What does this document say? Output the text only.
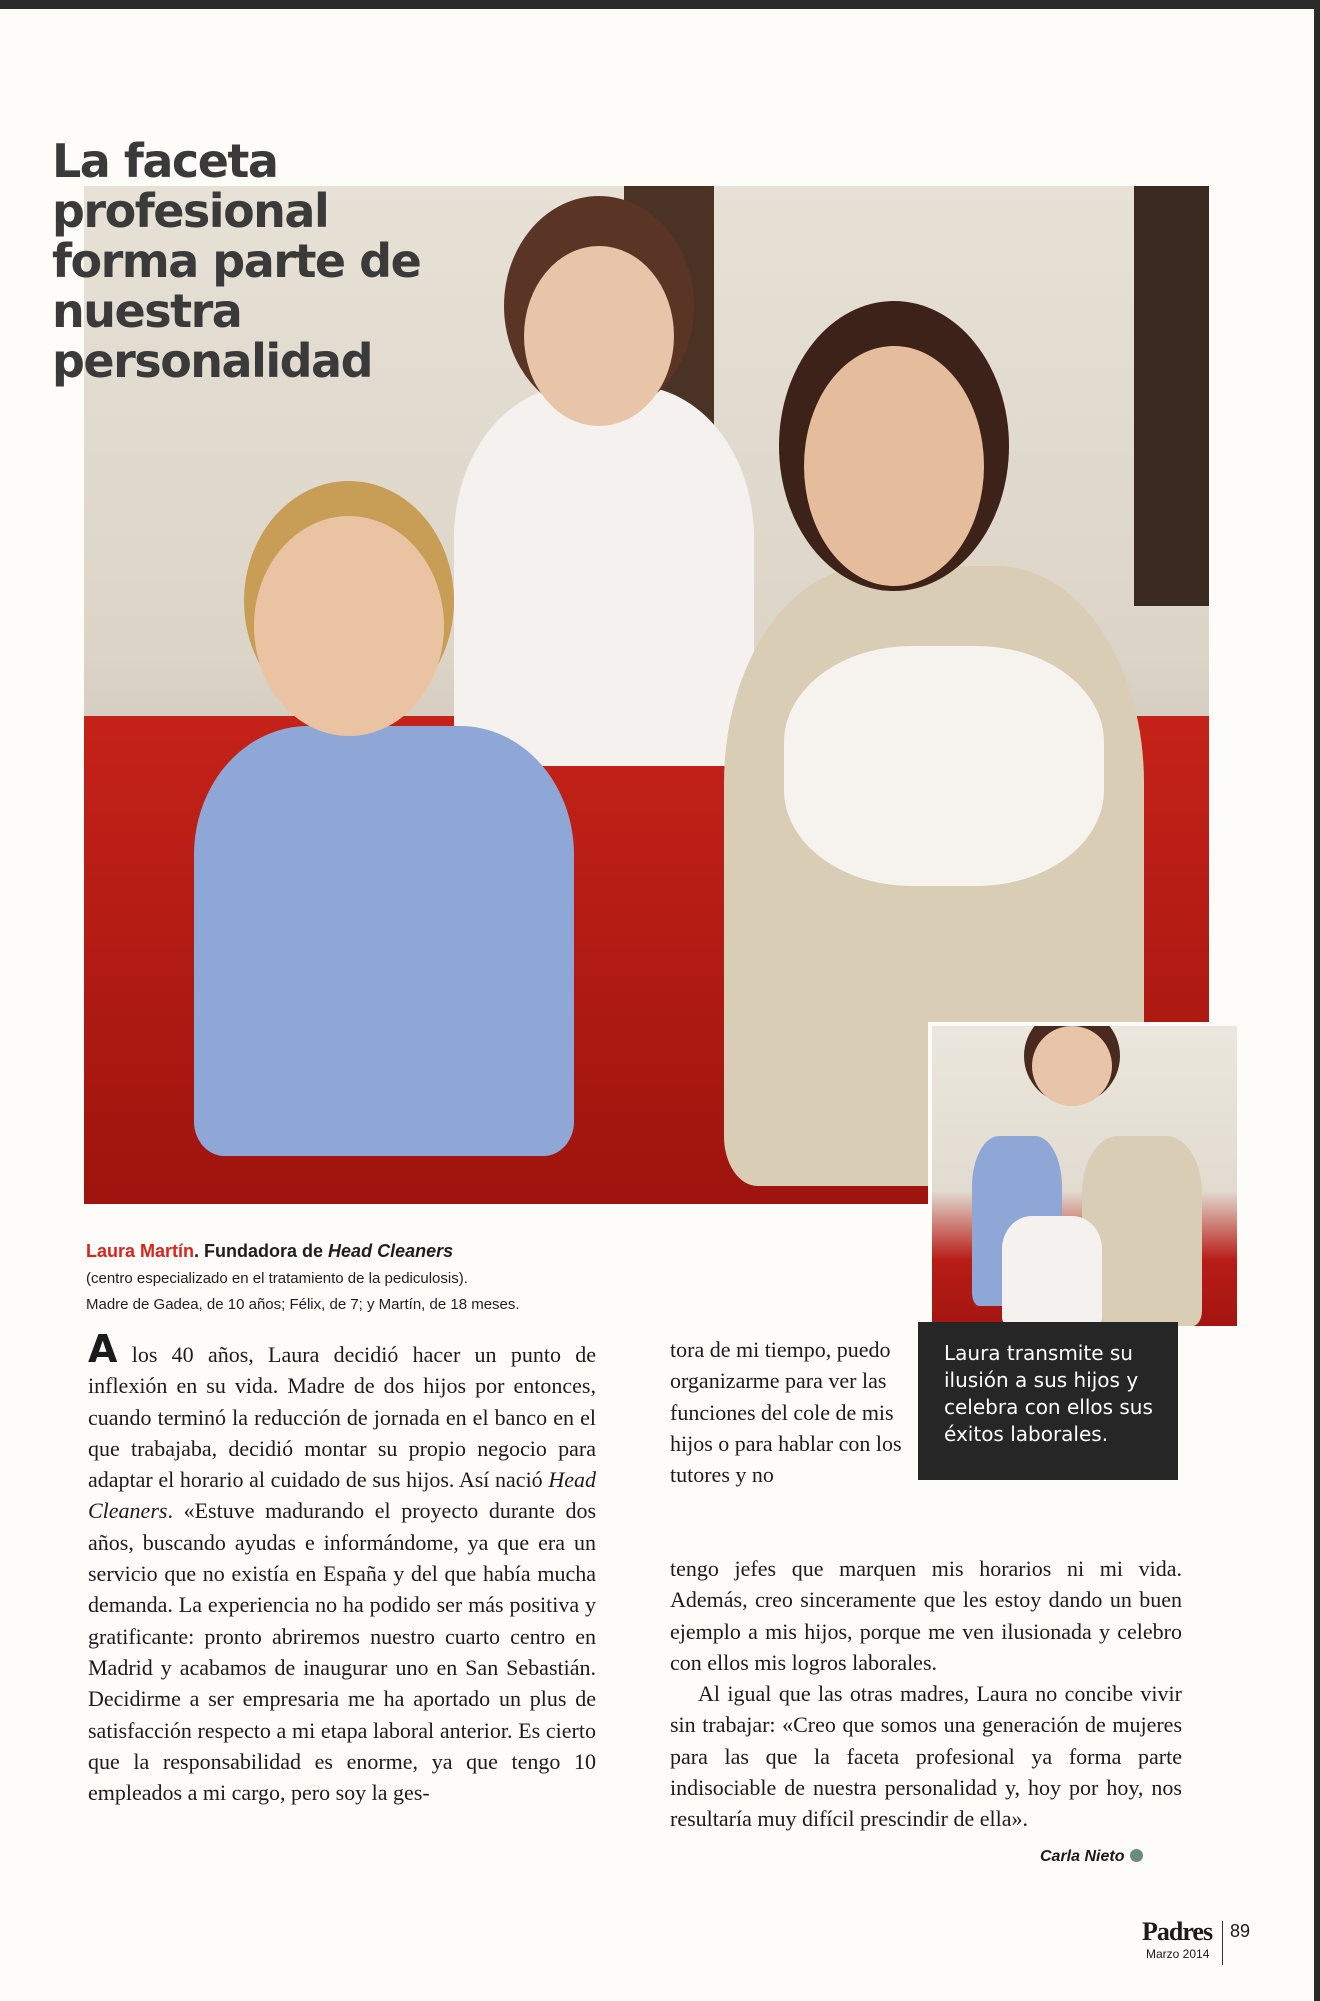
La faceta profesional forma parte de nuestra personalidad

Laura Martín. Fundadora de Head Cleaners
(centro especializado en el tratamiento de la pediculosis).
Madre de Gadea, de 10 años; Félix, de 7; y Martín, de 18 meses.

Laura transmite su ilusión a sus hijos y celebra con ellos sus éxitos laborales.

A los 40 años, Laura decidió hacer un punto de inflexión en su vida. Madre de dos hijos por entonces, cuando terminó la reducción de jornada en el banco en el que trabajaba, decidió montar su propio negocio para adaptar el horario al cuidado de sus hijos. Así nació Head Cleaners. «Estuve madurando el proyecto durante dos años, buscando ayudas e informándome, ya que era un servicio que no existía en España y del que había mucha demanda. La experiencia no ha podido ser más positiva y gratificante: pronto abriremos nuestro cuarto centro en Madrid y acabamos de inaugurar uno en San Sebastián. Decidirme a ser empresaria me ha aportado un plus de satisfacción respecto a mi etapa laboral anterior. Es cierto que la responsabilidad es enorme, ya que tengo 10 empleados a mi cargo, pero soy la ges-

tora de mi tiempo, puedo organizarme para ver las funciones del cole de mis hijos o para hablar con los tutores y no

tengo jefes que marquen mis horarios ni mi vida. Además, creo sinceramente que les estoy dando un buen ejemplo a mis hijos, porque me ven ilusionada y celebro con ellos mis logros laborales.
Al igual que las otras madres, Laura no concibe vivir sin trabajar: «Creo que somos una generación de mujeres para las que la faceta profesional ya forma parte indisociable de nuestra personalidad y, hoy por hoy, nos resultaría muy difícil prescindir de ella».

Carla Nieto

Padres
Marzo 2014
89
